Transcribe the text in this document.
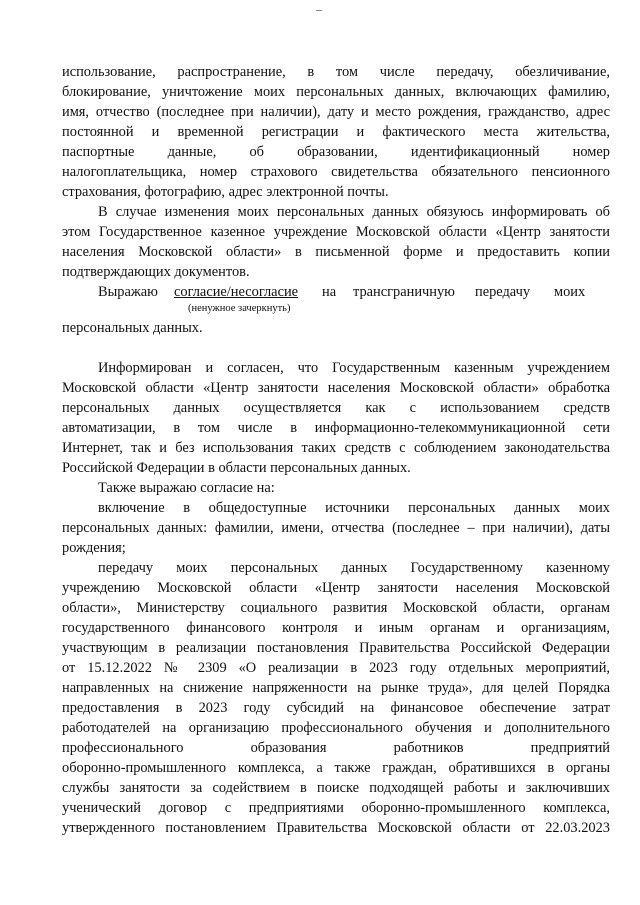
–
использование, распространение, в том числе передачу, обезличивание,
блокирование, уничтожение моих персональных данных, включающих фамилию,
имя, отчество (последнее при наличии), дату и место рождения, гражданство, адрес
постоянной и временной регистрации и фактического места жительства,
паспортные данные, об образовании, идентификационный номер
налогоплательщика, номер страхового свидетельства обязательного пенсионного
страхования, фотографию, адрес электронной почты.
В случае изменения моих персональных данных обязуюсь информировать об
этом Государственное казенное учреждение Московской области «Центр занятости
населения Московской области» в письменной форме и предоставить копии
подтверждающих документов.
Выражаю согласие/несогласие на трансграничную передачу моих
(ненужное зачеркнуть)
персональных данных.
Информирован и согласен, что Государственным казенным учреждением
Московской области «Центр занятости населения Московской области» обработка
персональных данных осуществляется как с использованием средств
автоматизации, в том числе в информационно-телекоммуникационной сети
Интернет, так и без использования таких средств с соблюдением законодательства
Российской Федерации в области персональных данных.
Также выражаю согласие на:
включение в общедоступные источники персональных данных моих
персональных данных: фамилии, имени, отчества (последнее – при наличии), даты
рождения;
передачу моих персональных данных Государственному казенному
учреждению Московской области «Центр занятости населения Московской
области», Министерству социального развития Московской области, органам
государственного финансового контроля и иным органам и организациям,
участвующим в реализации постановления Правительства Российской Федерации
от 15.12.2022 № 2309 «О реализации в 2023 году отдельных мероприятий,
направленных на снижение напряженности на рынке труда», для целей Порядка
предоставления в 2023 году субсидий на финансовое обеспечение затрат
работодателей на организацию профессионального обучения и дополнительного
профессионального образования работников предприятий
оборонно-промышленного комплекса, а также граждан, обратившихся в органы
службы занятости за содействием в поиске подходящей работы и заключивших
ученический договор с предприятиями оборонно-промышленного комплекса,
утвержденного постановлением Правительства Московской области от 22.03.2023
